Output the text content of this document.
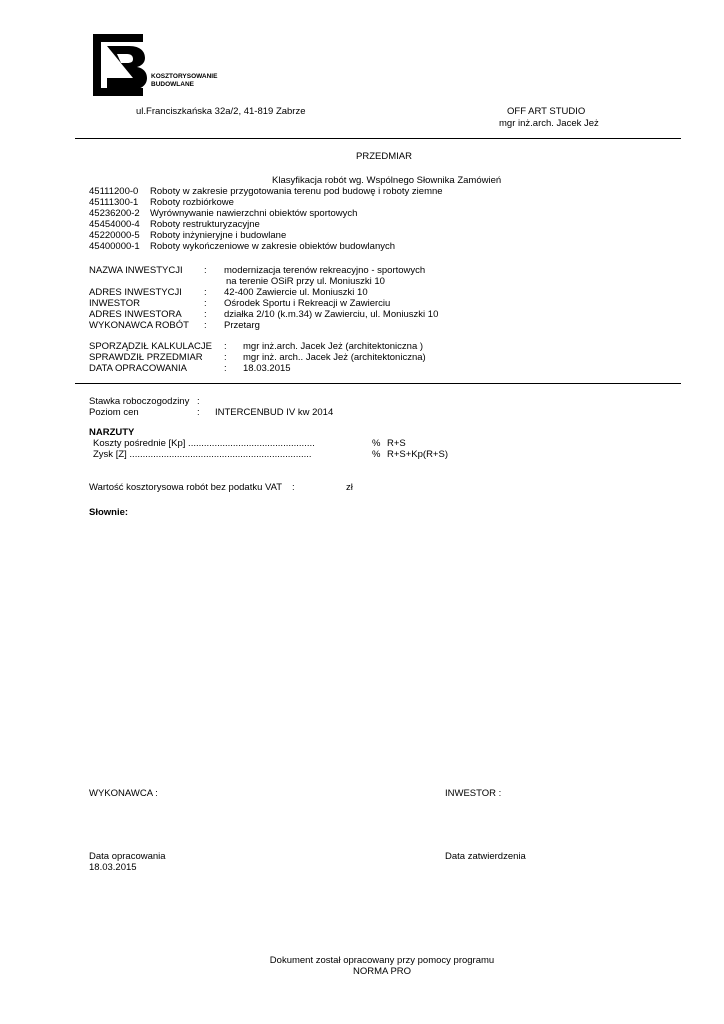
KOSZTORYSOWANIE
BUDOWLANE
ul.Franciszkańska 32a/2, 41-819 Zabrze	OFF ART STUDIO
mgr inż.arch. Jacek Jeż
PRZEDMIAR
Klasyfikacja robót wg. Wspólnego Słownika Zamówień
45111200-0 Roboty w zakresie przygotowania terenu pod budowę i roboty ziemne
45111300-1 Roboty rozbiórkowe
45236200-2 Wyrównywanie nawierzchni obiektów sportowych
45454000-4 Roboty restrukturyzacyjne
45220000-5 Roboty inżynieryjne i budowlane
45400000-1 Roboty wykończeniowe w zakresie obiektów budowlanych
NAZWA INWESTYCJI : modernizacja terenów rekreacyjno - sportowych
na terenie OSiR przy ul. Moniuszki 10
ADRES INWESTYCJI : 42-400 Zawiercie ul. Moniuszki 10
INWESTOR	: Ośrodek Sportu i Rekreacji w Zawierciu
ADRES INWESTORA : działka 2/10 (k.m.34) w Zawierciu, ul. Moniuszki 10
WYKONAWCA ROBÓT : Przetarg
SPORZĄDZIŁ KALKULACJE : mgr inż.arch. Jacek Jeż (architektoniczna )
SPRAWDZIŁ PRZEDMIAR : mgr inż. arch.. Jacek Jeż (architektoniczna)
DATA OPRACOWANIA	: 18.03.2015
Stawka roboczogodziny :
Poziom cen	: INTERCENBUD IV kw 2014
NARZUTY
Koszty pośrednie [Kp] ................................................	% R+S
Zysk [Z] .....................................................................	% R+S+Kp(R+S)
Wartość kosztorysowa robót bez podatku VAT :	zł
Słownie:
WYKONAWCA :	INWESTOR :
Data opracowania
18.03.2015
Data zatwierdzenia
Dokument został opracowany przy pomocy programu
NORMA PRO
